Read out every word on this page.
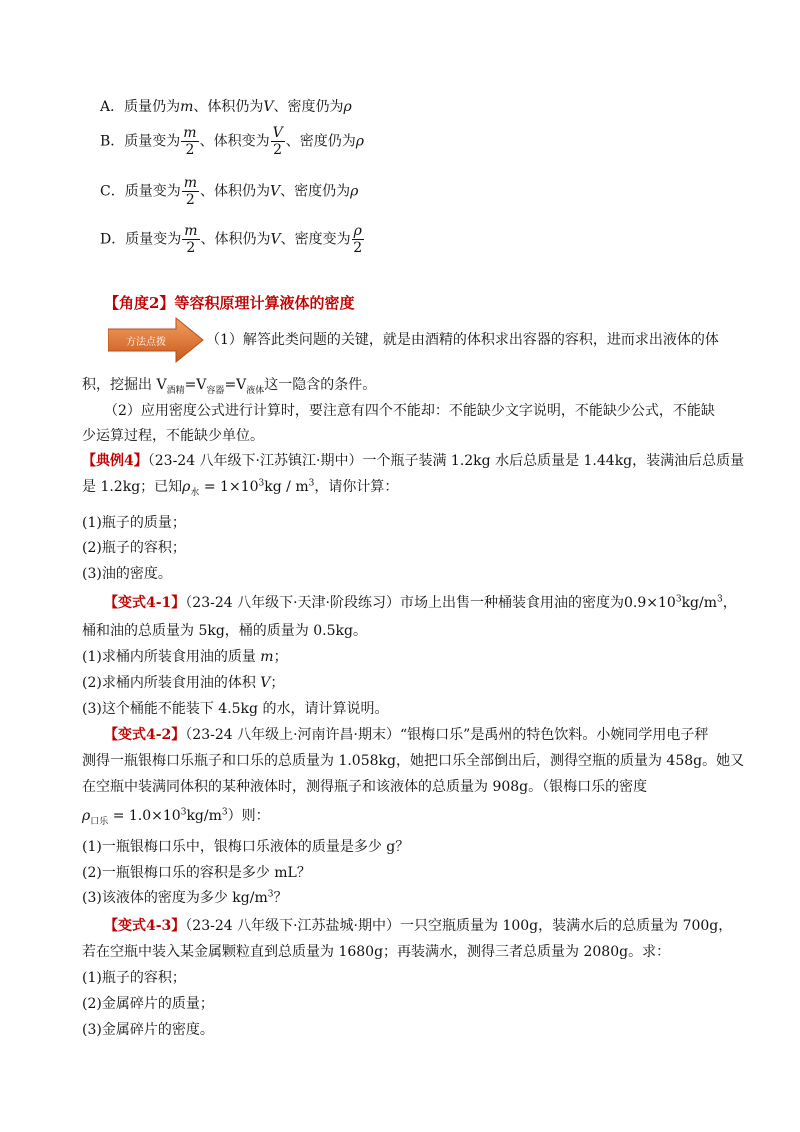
A．质量仍为m、体积仍为V、密度仍为ρ
B．质量变为 $\frac{m}{2}$ 、体积变为 $\frac{V}{2}$ 、密度仍为ρ
C．质量变为 $\frac{m}{2}$ 、体积仍为V、密度仍为ρ
D．质量变为 $\frac{m}{2}$ 、体积仍为V、密度变为 $\frac{\rho}{2}$
【角度2】等容积原理计算液体的密度
方法点拨	（1）解答此类问题的关键，就是由酒精的体积求出容器的容积，进而求出液体的体
积，挖掘出 $V_{酒精}=V_{容器}=V_{液体}$这一隐含的条件。
（2）应用密度公式进行计算时，要注意有四个不能却：不能缺少文字说明，不能缺少公式，不能缺
少运算过程，不能缺少单位。
【典例4】（23-24 八年级下·江苏镇江·期中）一个瓶子装满 1.2kg 水后总质量是 1.44kg，装满油后总质量
是 1.2kg；已知$\rho_水 = 1\times 10^3kg / m^3$，请你计算：
(1)瓶子的质量；
(2)瓶子的容积；
(3)油的密度。
【变式4-1】（23-24 八年级下·天津·阶段练习）市场上出售一种桶装食用油的密度为$0.9\times 10^3kg/m^3$，
桶和油的总质量为 5kg，桶的质量为 0.5kg。
(1)求桶内所装食用油的质量 m；
(2)求桶内所装食用油的体积 V；
(3)这个桶能不能装下 4.5kg 的水，请计算说明。
【变式4-2】（23-24 八年级上·河南许昌·期末）“银梅口乐”是禹州的特色饮料。小婉同学用电子秤
测得一瓶银梅口乐瓶子和口乐的总质量为 1.058kg，她把口乐全部倒出后，测得空瓶的质量为 458g。她又
在空瓶中装满同体积的某种液体时，测得瓶子和该液体的总质量为 908g。（银梅口乐的密度
$\rho_{口乐} = 1.0\times 10^3kg/m^3$）则：
(1)一瓶银梅口乐中，银梅口乐液体的质量是多少 g？
(2)一瓶银梅口乐的容积是多少 mL？
(3)该液体的密度为多少 $kg/m^3$？
【变式4-3】（23-24 八年级下·江苏盐城·期中）一只空瓶质量为 100g，装满水后的总质量为 700g，
若在空瓶中装入某金属颗粒直到总质量为 1680g；再装满水，测得三者总质量为 2080g。求：
(1)瓶子的容积；
(2)金属碎片的质量；
(3)金属碎片的密度。
